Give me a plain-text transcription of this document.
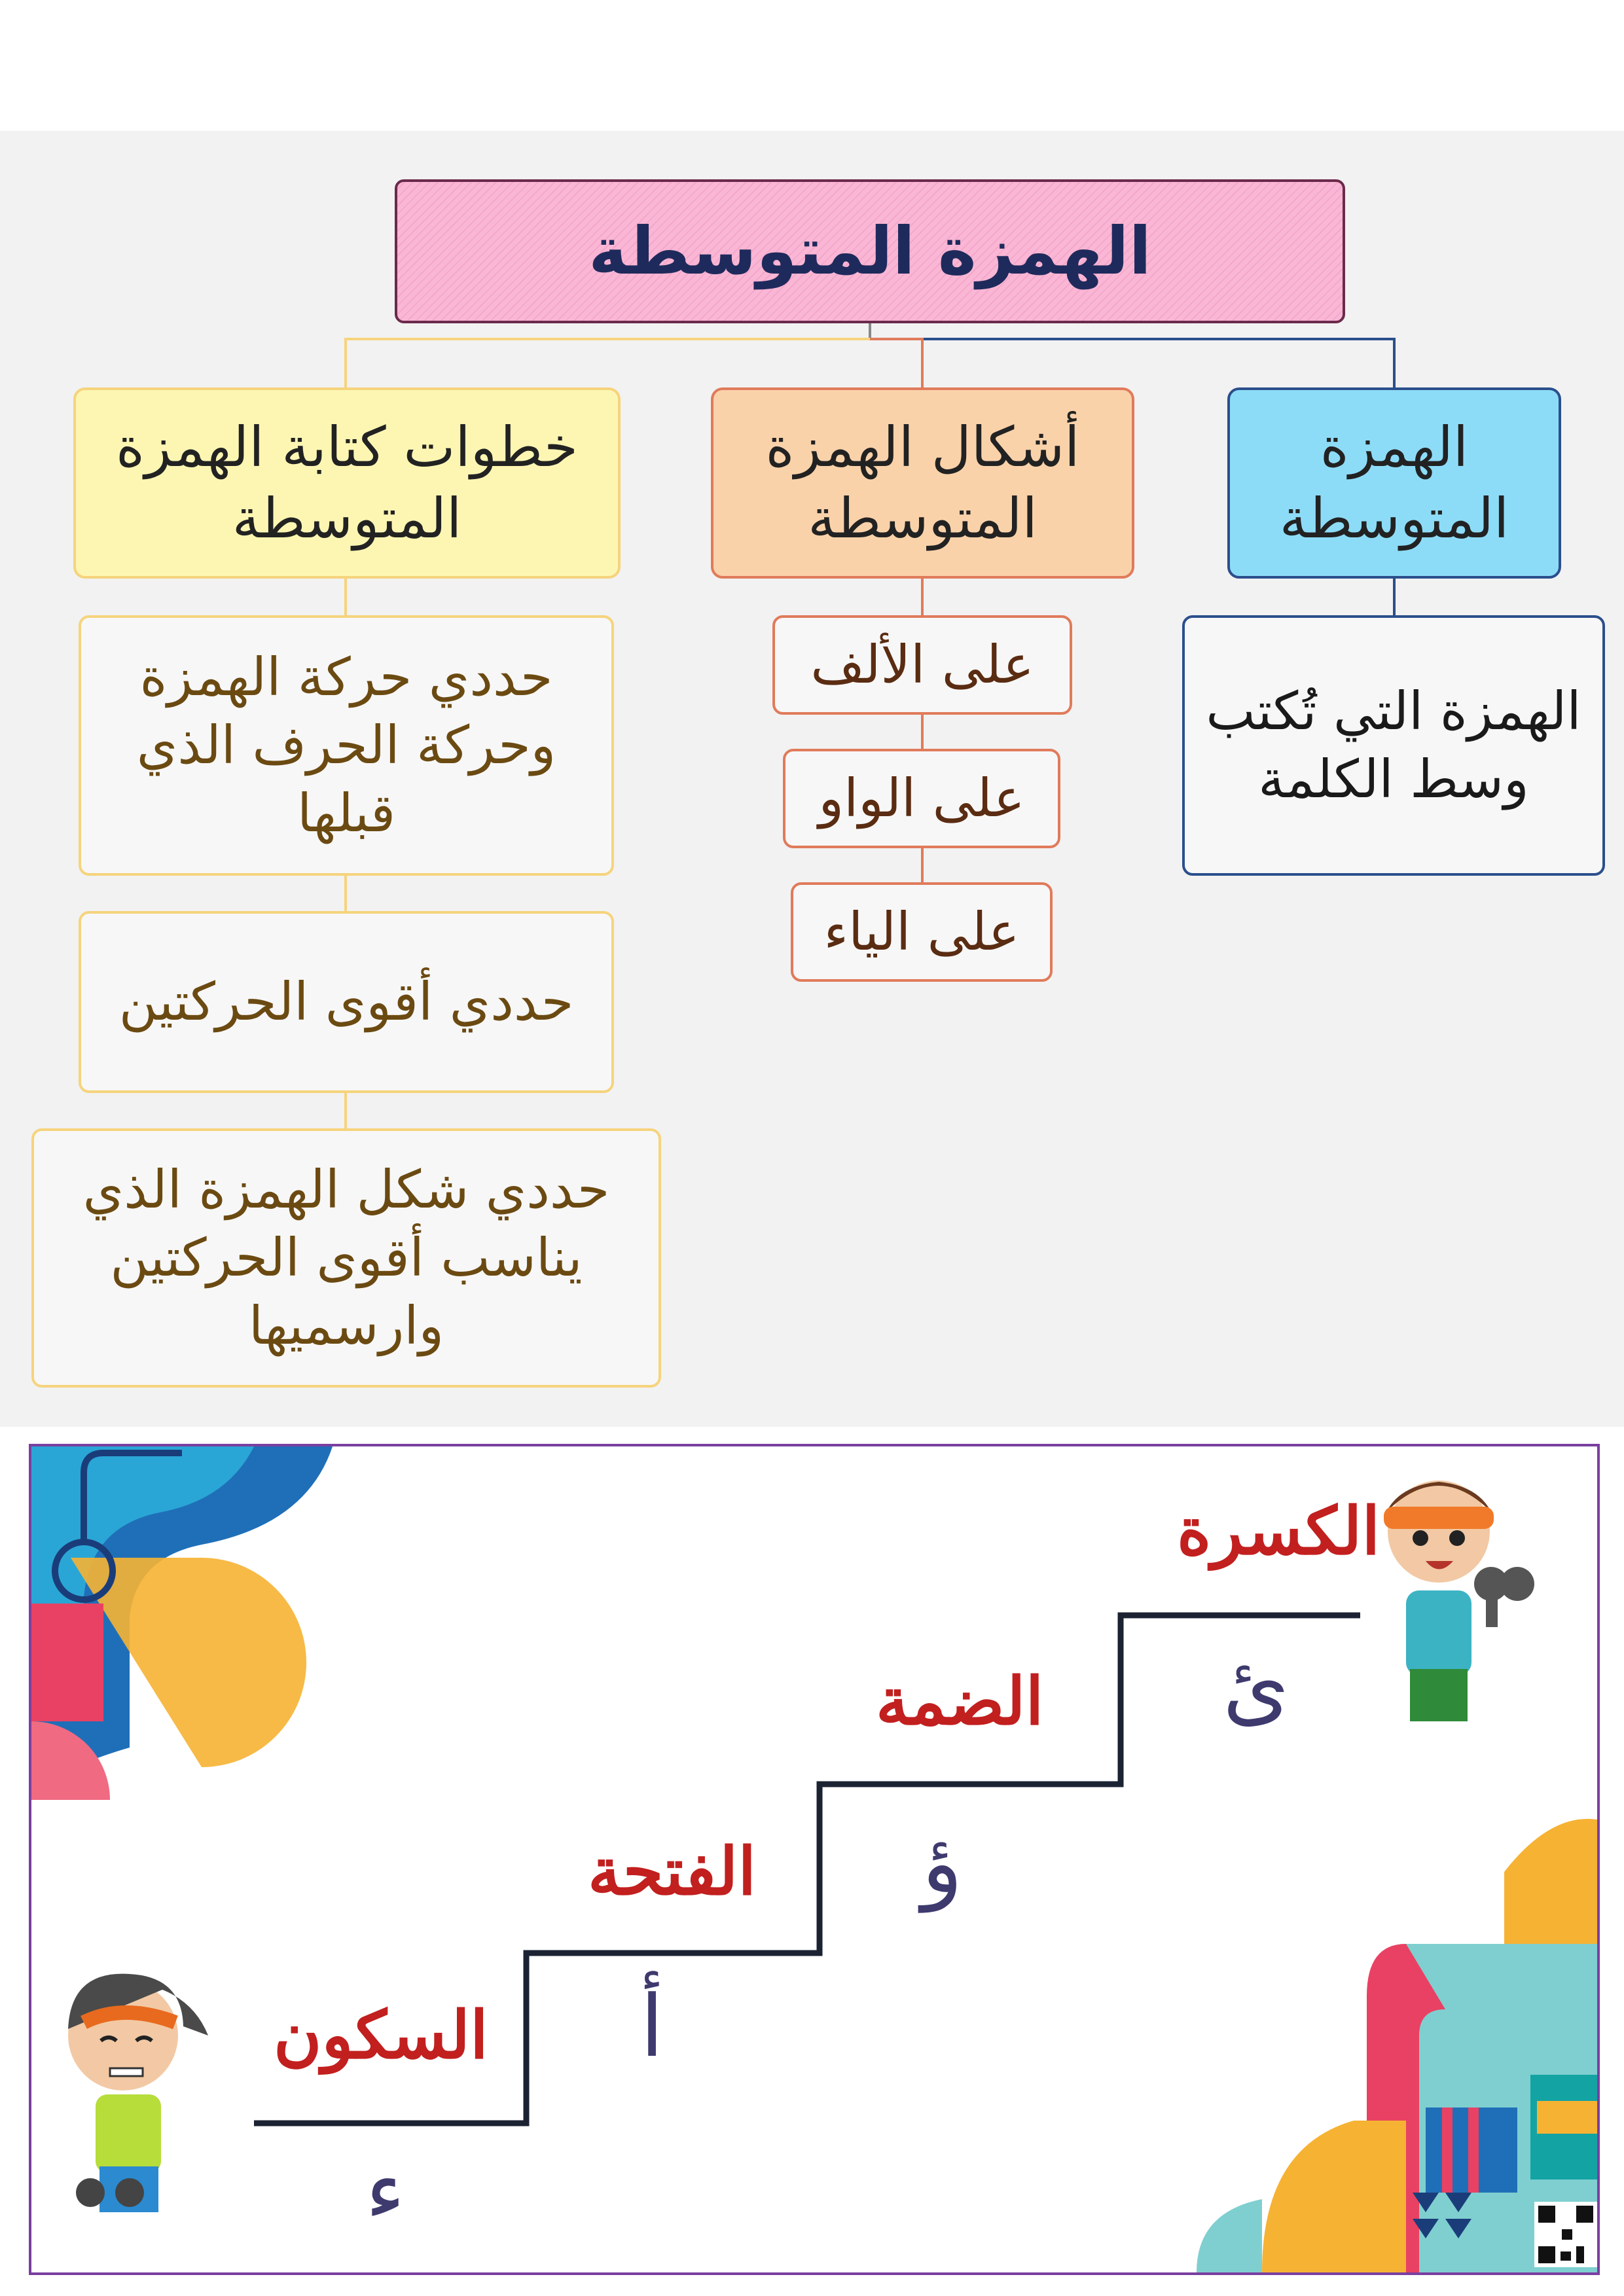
الهمزة المتوسطة
الهمزة المتوسطة
أشكال الهمزة المتوسطة
خطوات كتابة الهمزة المتوسطة
الهمزة التي تُكتب وسط الكلمة
على الألف
على الواو
على الياء
حددي حركة الهمزة وحركة الحرف الذي قبلها
حددي أقوى الحركتين
حددي شكل الهمزة الذي يناسب أقوى الحركتين وارسميها
الكسرة
الضمة
الفتحة
السكون
ئ
ؤ
أ
ء
